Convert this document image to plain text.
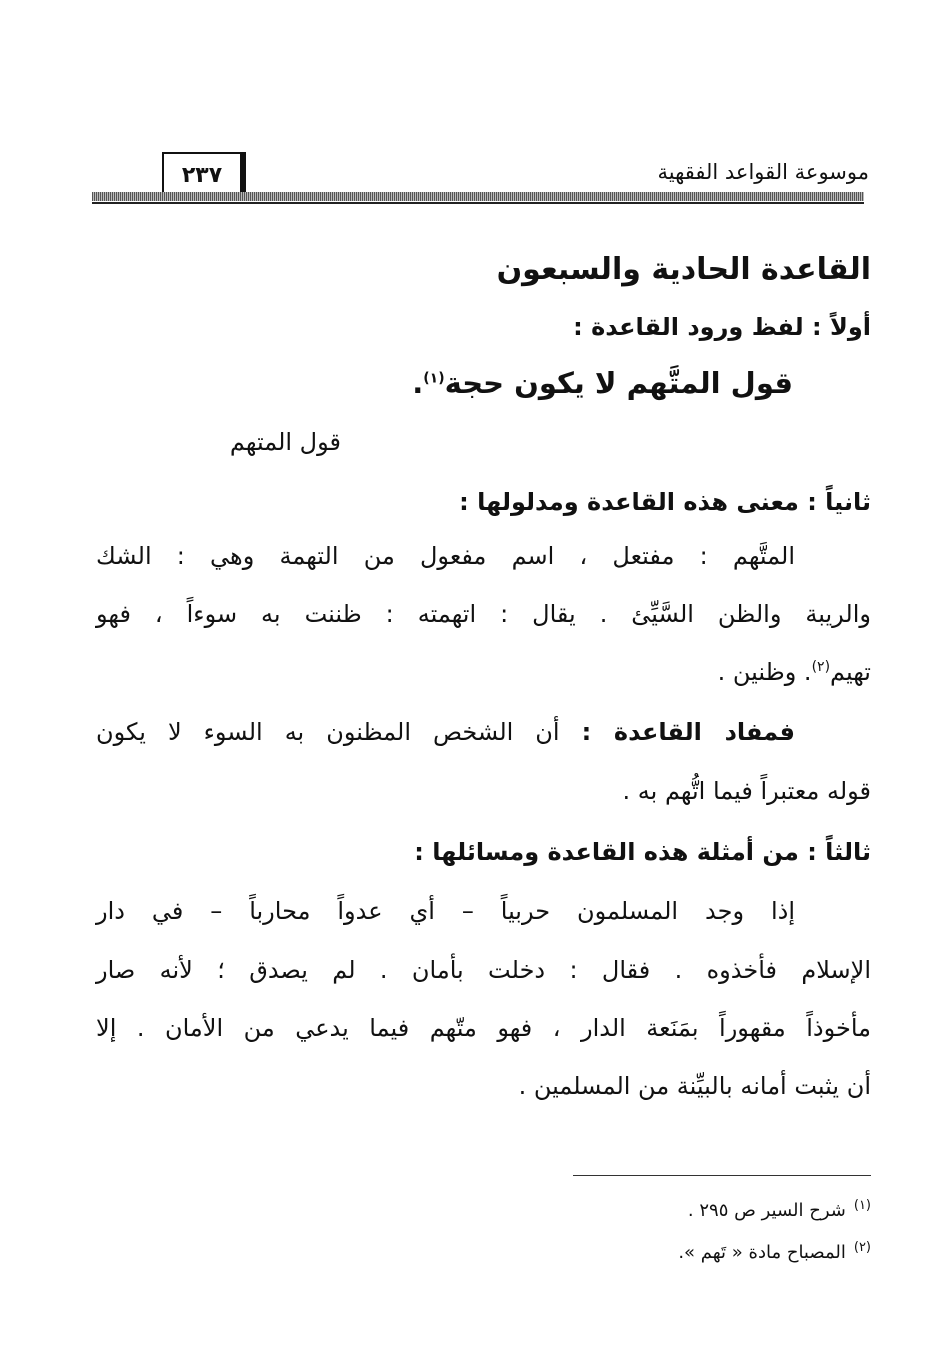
موسوعة القواعد الفقهية
٢٣٧
القاعدة الحادية والسبعون
أولاً : لفظ ورود القاعدة :
قول المتَّهم لا يكون حجة$^{(١)}$.
قول المتهم
ثانياً : معنى هذه القاعدة ومدلولها :
المتَّهم : مفتعل ، اسم مفعول من التهمة وهي : الشك
والريبة والظن السَّيِّئ . يقال : اتهمته : ظننت به سوءاً ، فهو
تهيم$^{(٢)}$. وظنين .
فمفاد القاعدة : أن الشخص المظنون به السوء لا يكون
قوله معتبراً فيما اتُّهم به .
ثالثاً : من أمثلة هذه القاعدة ومسائلها :
إذا وجد المسلمون حربياً – أي عدواً محارباً – في دار
الإسلام فأخذوه . فقال : دخلت بأمان . لم يصدق ؛ لأنه صار
مأخوذاً مقهوراً بمَنَعة الدار ، فهو متّهم فيما يدعي من الأمان . إلا
أن يثبت أمانه بالبيِّنة من المسلمين .
$^{(١)}$شرح السير ص ٢٩٥ .
$^{(٢)}$المصباح مادة « تَهم ».
